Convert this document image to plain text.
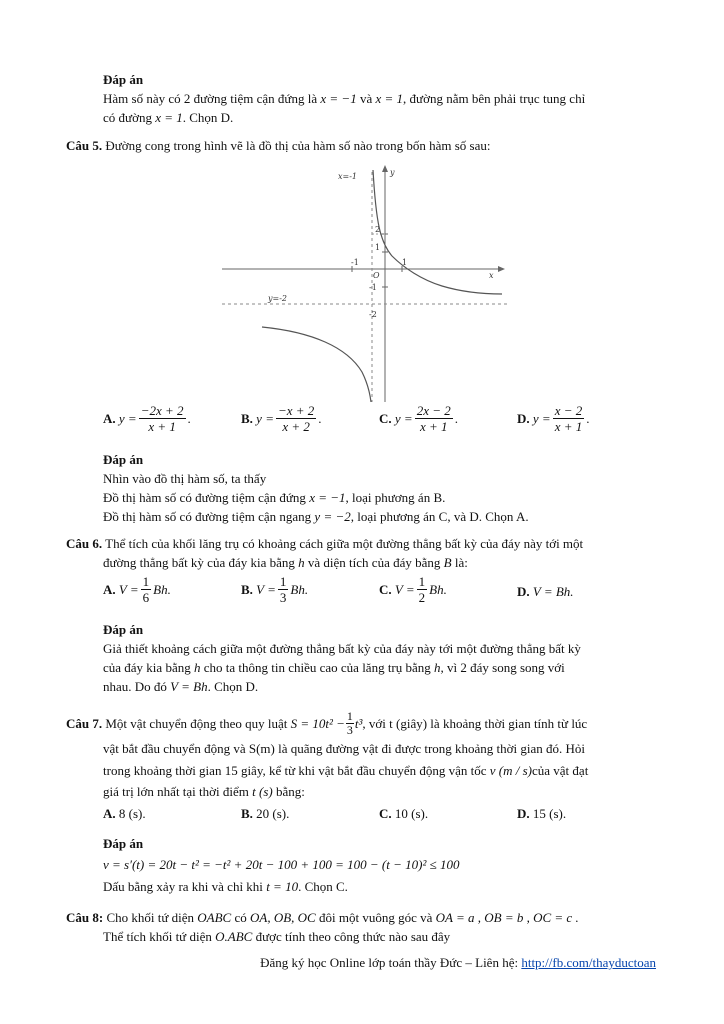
Đáp án
Hàm số này có 2 đường tiệm cận đứng là x = −1 và x = 1, đường nằm bên phải trục tung chỉ
có đường x = 1. Chọn D.
Câu 5. Đường cong trong hình vẽ là đồ thị của hàm số nào trong bốn hàm số sau:
x=-1	y
x
O
2
1
-1	1
-1
-2
y=-2
A.
$y = \frac{-2x + 2}{x + 1}$ .	B.
$y = \frac{-x + 2}{x + 2}$ .	C.
$y = \frac{2x - 2}{x + 1}$ .	D.
$y = \frac{x - 2}{x + 1}$ .
Đáp án
Nhìn vào đồ thị hàm số, ta thấy
Đồ thị hàm số có đường tiệm cận đứng x = −1, loại phương án B.
Đồ thị hàm số có đường tiệm cận ngang y = −2, loại phương án C, và D. Chọn A.
Câu 6. Thể tích của khối lăng trụ có khoảng cách giữa một đường thẳng bất kỳ của đáy này tới một
đường thẳng bất kỳ của đáy kia bằng h và diện tích của đáy bằng B là:
A.
$V = \frac{1}{6} Bh$.	B.
$V = \frac{1}{3} Bh$.	C.
$V = \frac{1}{2} Bh$.	D.
V = Bh.
Đáp án
Giả thiết khoảng cách giữa một đường thẳng bất kỳ của đáy này tới một đường thẳng bất kỳ
của đáy kia bằng h cho ta thông tin chiều cao của lăng trụ bằng h, vì 2 đáy song song với
nhau. Do đó V = Bh. Chọn D.
Câu 7.
Một vật chuyển động theo quy luật
$S = 10t^2 - \frac{1}{3} t^3$ , với t (giây) là khoảng thời gian tính từ lúc
vật bắt đầu chuyển động và S(m) là quãng đường vật đi được trong khoảng thời gian đó. Hỏi
trong khoảng thời gian 15 giây, kể từ khi vật bắt đầu chuyển động vận tốc v (m / s)của vật đạt
giá trị lớn nhất tại thời điểm t (s) bằng:
A. 8 (s).	B. 20 (s).	C. 10 (s).	D. 15 (s).
Đáp án
v = s′(t) = 20t − t² = −t² + 20t − 100 + 100 = 100 − (t − 10)² ≤ 100
Dấu bằng xảy ra khi và chỉ khi t = 10. Chọn C.
Câu 8: Cho khối tứ diện OABC có OA, OB, OC đôi một vuông góc và OA = a , OB = b , OC = c .
Thể tích khối tứ diện O.ABC được tính theo công thức nào sau đây
Đăng ký học Online lớp toán thầy Đức – Liên hệ: http://fb.com/thayductoan
